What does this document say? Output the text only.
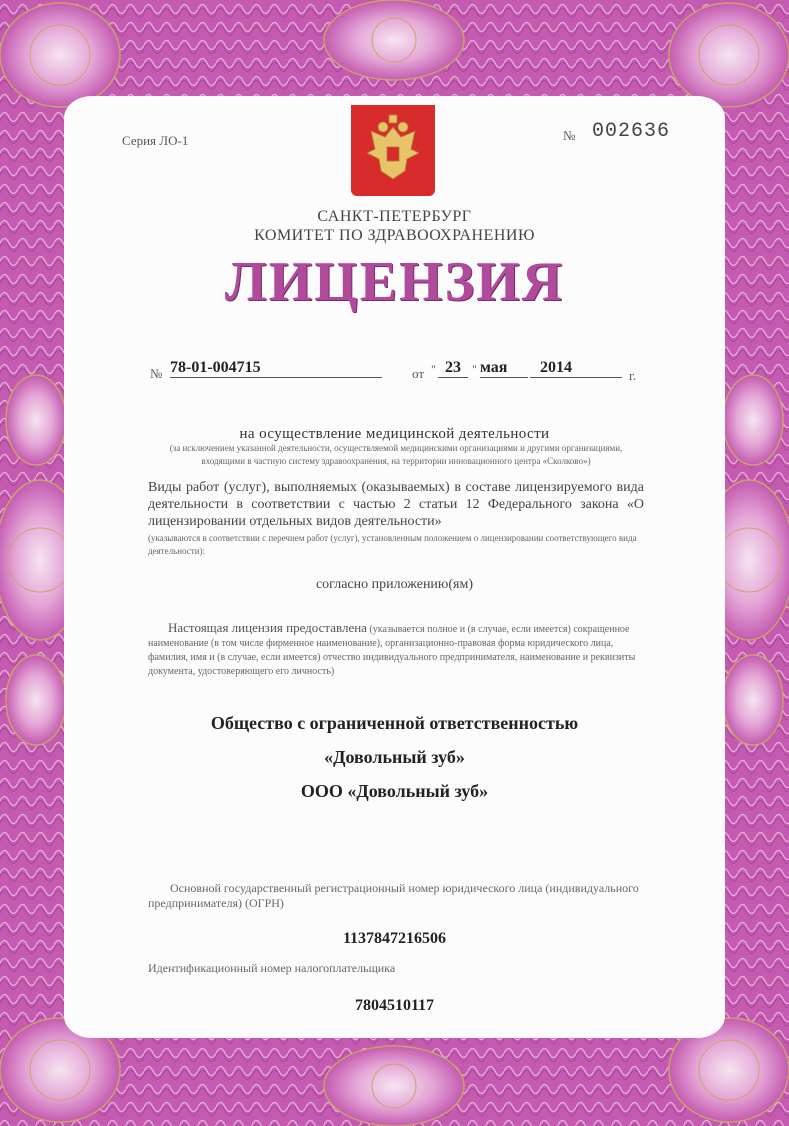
Серия ЛО-1	№ 002636
САНКТ-ПЕТЕРБУРГ
КОМИТЕТ ПО ЗДРАВООХРАНЕНИЮ
ЛИЦЕНЗИЯ
№ 78-01-004715	от " 23 " мая	2014	г.
на осуществление медицинской деятельности
(за исключением указанной деятельности, осуществляемой медицинскими организациями и другими организациями, входящими в частную систему здравоохранения, на территории инновационного центра «Сколково»)
Виды работ (услуг), выполняемых (оказываемых) в составе лицензируемого вида деятельности в соответствии с частью 2 статьи 12 Федерального закона «О лицензировании отдельных видов деятельности»
(указываются в соответствии с перечнем работ (услуг), установленным положением о лицензировании соответствующего вида деятельности):
согласно приложению(ям)
Настоящая лицензия предоставлена (указывается полное и (в случае, если имеется) сокращенное наименование (в том числе фирменное наименование), организационно-правовая форма юридического лица, фамилия, имя и (в случае, если имеется) отчество индивидуального предпринимателя, наименование и реквизиты документа, удостоверяющего его личность)
Общество с ограниченной ответственностью
«Довольный зуб»
ООО «Довольный зуб»
Основной государственный регистрационный номер юридического лица (индивидуального предпринимателя) (ОГРН)
1137847216506
Идентификационный номер налогоплательщика
7804510117
